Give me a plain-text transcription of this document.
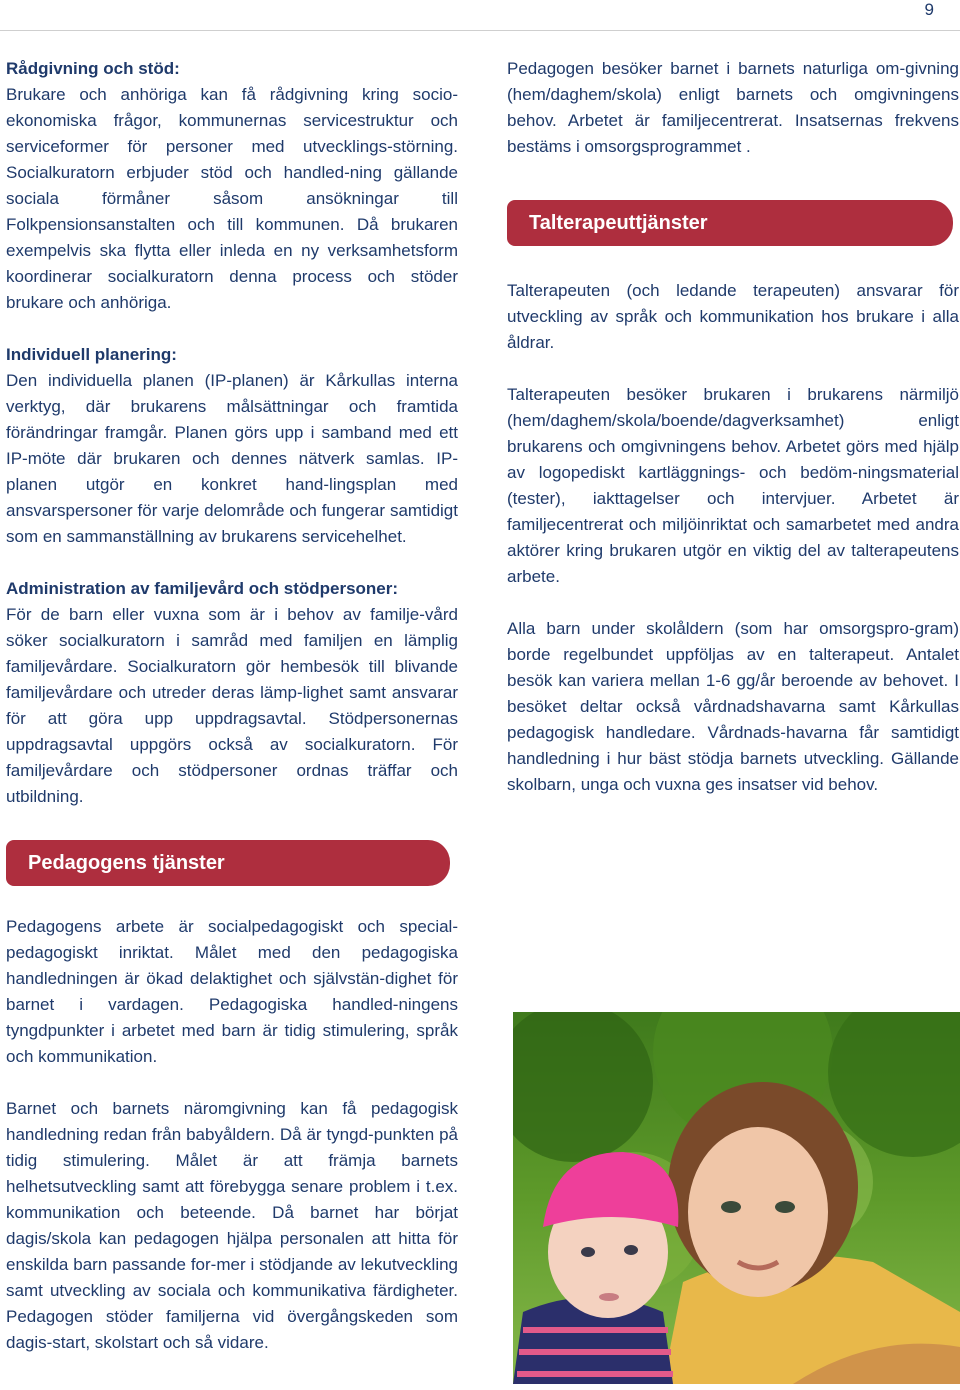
9
Rådgivning och stöd:

Brukare och anhöriga kan få rådgivning kring socio-ekonomiska frågor, kommunernas servicestruktur och serviceformer för personer med utvecklings-störning. Socialkuratorn erbjuder stöd och handled-ning gällande sociala förmåner såsom ansökningar till Folkpensionsanstalten och till kommunen. Då brukaren exempelvis ska flytta eller inleda en ny verksamhetsform koordinerar socialkuratorn denna process och stöder brukare och anhöriga.

Individuell planering:

Den individuella planen (IP-planen) är Kårkullas interna verktyg, där brukarens målsättningar och framtida förändringar framgår. Planen görs upp i samband med ett IP-möte där brukaren och dennes nätverk samlas. IP-planen utgör en konkret hand-lingsplan med ansvarspersoner för varje delområde och fungerar samtidigt som en sammanställning av brukarens servicehelhet.

Administration av familjevård och stödpersoner:

För de barn eller vuxna som är i behov av familje-vård söker socialkuratorn i samråd med familjen en lämplig familjevårdare. Socialkuratorn gör hembesök till blivande familjevårdare och utreder deras lämp-lighet samt ansvarar för att göra upp uppdragsavtal. Stödpersonernas uppdragsavtal uppgörs också av socialkuratorn. För familjevårdare och stödpersoner ordnas träffar och utbildning.

Pedagogens tjänster

Pedagogens arbete är socialpedagogiskt och special-pedagogiskt inriktat. Målet med den pedagogiska handledningen är ökad delaktighet och självstän-dighet för barnet i vardagen. Pedagogiska handled-ningens tyngdpunkter i arbetet med barn är tidig stimulering, språk och kommunikation.

Barnet och barnets näromgivning kan få pedagogisk handledning redan från babyåldern. Då är tyngd-punkten på tidig stimulering. Målet är att främja barnets helhetsutveckling samt att förebygga senare problem i t.ex. kommunikation och beteende. Då barnet har börjat dagis/skola kan pedagogen hjälpa personalen att hitta för enskilda barn passande for-mer i stödjande av lekutveckling samt utveckling av sociala och kommunikativa färdigheter. Pedagogen stöder familjerna vid övergångskeden som dagis-start, skolstart och så vidare.

Pedagogen besöker barnet i barnets naturliga om-givning (hem/daghem/skola) enligt barnets och omgivningens behov. Arbetet är familjecentrerat. Insatsernas frekvens bestäms i omsorgsprogrammet .

Talterapeuttjänster

Talterapeuten (och ledande terapeuten) ansvarar för utveckling av språk och kommunikation hos brukare i alla åldrar.

Talterapeuten besöker brukaren i brukarens närmiljö (hem/daghem/skola/boende/dagverksamhet) enligt brukarens och omgivningens behov. Arbetet görs med hjälp av logopediskt kartläggnings- och bedöm-ningsmaterial (tester), iakttagelser och intervjuer. Arbetet är familjecentrerat och miljöinriktat och samarbetet med andra aktörer kring brukaren utgör en viktig del av talterapeutens arbete.

Alla barn under skolåldern (som har omsorgspro-gram) borde regelbundet uppföljas av en talterapeut. Antalet besök kan variera mellan 1-6 gg/år beroende av behovet. I besöket deltar också vårdnadshavarna samt Kårkullas pedagogisk handledare. Vårdnads-havarna får samtidigt handledning i hur bäst stödja barnets utveckling. Gällande skolbarn, unga och vuxna ges insatser vid behov.
